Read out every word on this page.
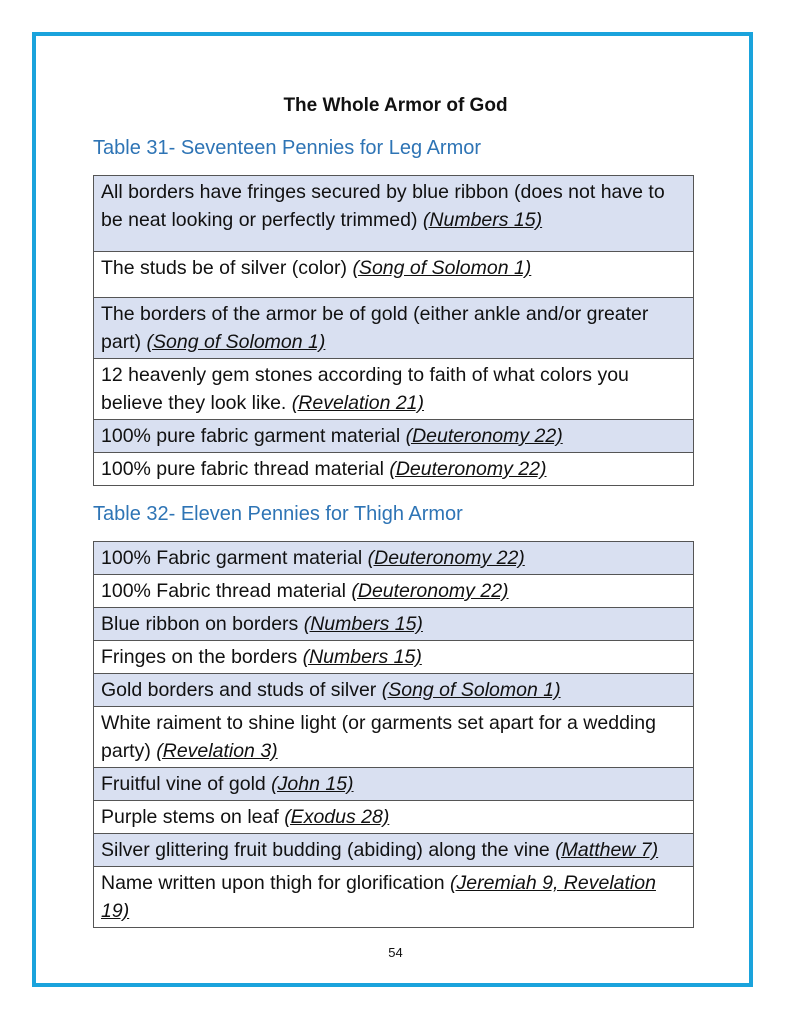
The Whole Armor of God
Table 31- Seventeen Pennies for Leg Armor
All borders have fringes secured by blue ribbon (does not have to be neat looking or perfectly trimmed) (Numbers 15)
The studs be of silver (color) (Song of Solomon 1)
The borders of the armor be of gold (either ankle and/or greater part) (Song of Solomon 1)
12 heavenly gem stones according to faith of what colors you believe they look like. (Revelation 21)
100% pure fabric garment material (Deuteronomy 22)
100% pure fabric thread material (Deuteronomy 22)
Table 32- Eleven Pennies for Thigh Armor
100% Fabric garment material (Deuteronomy 22)
100% Fabric thread material (Deuteronomy 22)
Blue ribbon on borders (Numbers 15)
Fringes on the borders (Numbers 15)
Gold borders and studs of silver (Song of Solomon 1)
White raiment to shine light (or garments set apart for a wedding party) (Revelation 3)
Fruitful vine of gold (John 15)
Purple stems on leaf (Exodus 28)
Silver glittering fruit budding (abiding) along the vine (Matthew 7)
Name written upon thigh for glorification (Jeremiah 9, Revelation 19)
54
